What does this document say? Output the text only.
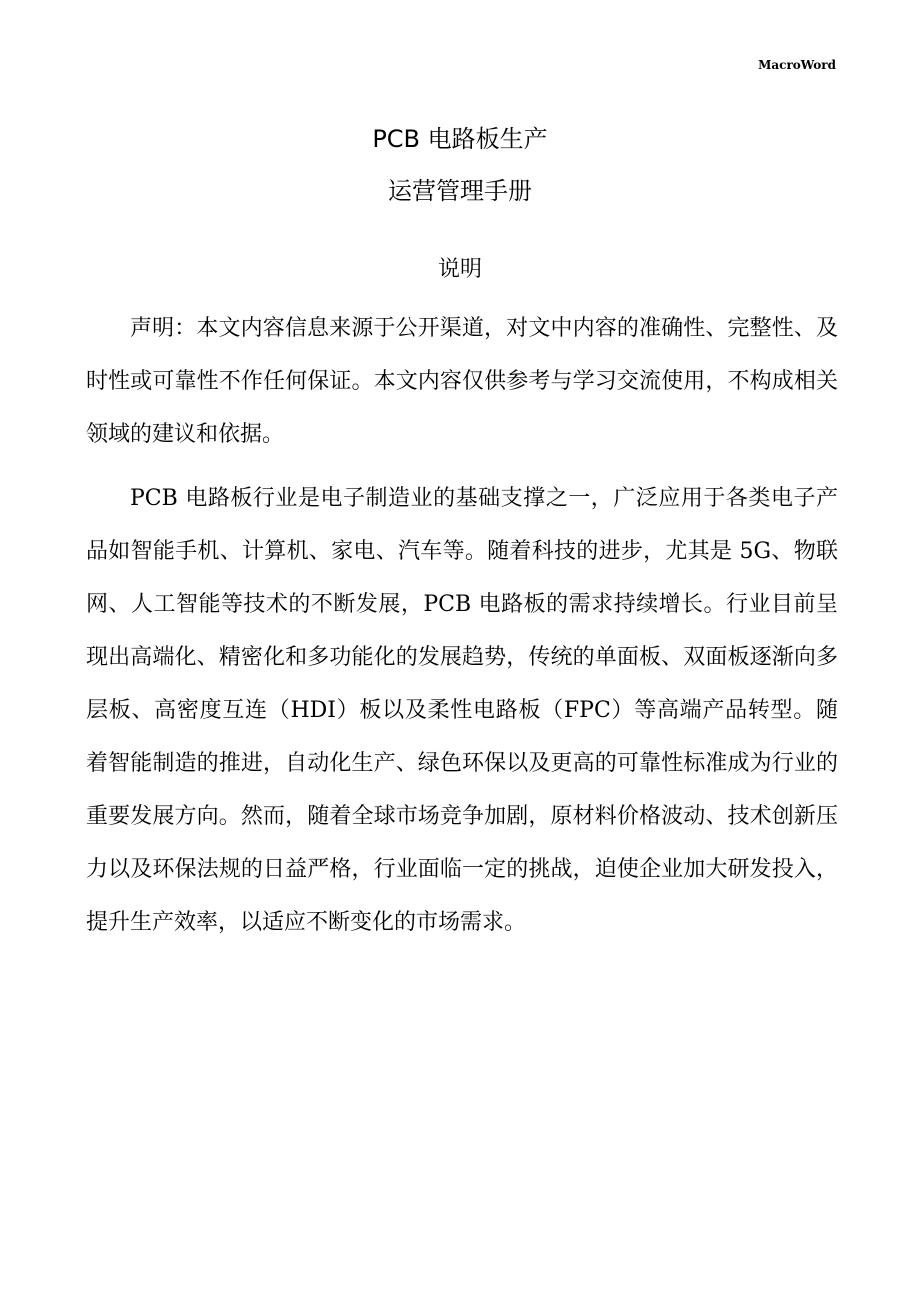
MacroWord
PCB 电路板生产
运营管理手册
说明

声明：本文内容信息来源于公开渠道，对文中内容的准确性、完整性、及时性或可靠性不作任何保证。本文内容仅供参考与学习交流使用，不构成相关领域的建议和依据。

PCB 电路板行业是电子制造业的基础支撑之一，广泛应用于各类电子产品如智能手机、计算机、家电、汽车等。随着科技的进步，尤其是 5G、物联网、人工智能等技术的不断发展，PCB 电路板的需求持续增长。行业目前呈现出高端化、精密化和多功能化的发展趋势，传统的单面板、双面板逐渐向多层板、高密度互连（HDI）板以及柔性电路板（FPC）等高端产品转型。随着智能制造的推进，自动化生产、绿色环保以及更高的可靠性标准成为行业的重要发展方向。然而，随着全球市场竞争加剧，原材料价格波动、技术创新压力以及环保法规的日益严格，行业面临一定的挑战，迫使企业加大研发投入，提升生产效率，以适应不断变化的市场需求。
